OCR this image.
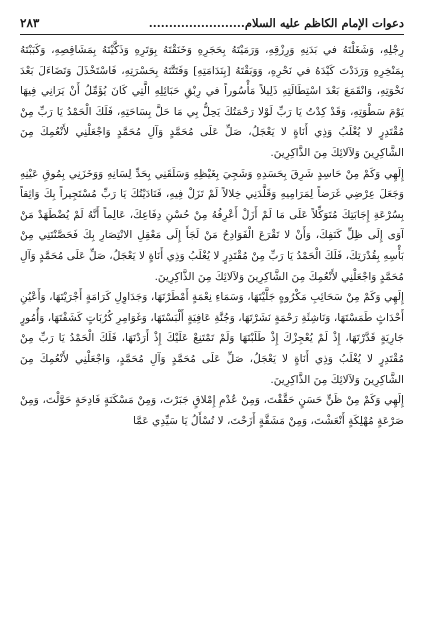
دعوات الإمام الكاظم عليه السلام........................
٢٨٣

رِجْلِهِ، وَشَغَلْتَهُ في بَدَنِهِ وَرِزْقِهِ، وَرَمَيْتَهُ بِحَجَرِهِ وَخَنَقْتَهُ بِوَتَرِهِ وَذَكَّيْتَهُ بِمَشَاقِصِهِ، وَكَبَبْتَهُ بِمَنْخِرِهِ وَرَدَدْتَ كَيْدَهُ في نَحْرِهِ، وَوَبَقْتَهُ [بِنَدَامَتِهِ] وَفَتَتَّتَهُ بِحَسْرَتِهِ، فَاسْتَخْذَلَ وَتَضَاءَلَ بَعْدَ نَخْوَتِهِ، وَانْقَمَعَ بَعْدَ اسْتِطَالَتِهِ ذَلِيلاً مَأْسُوراً في رِبْقِ حَبَائِلِهِ الَّتِي كَانَ يُؤَمِّلُ أَنْ يَرَانِي فِيهَا يَوْمَ سَطْوَتِهِ، وَقَدْ كِدْتُ يَا رَبِّ لَوْلا رَحْمَتُكَ يَحِلُّ بِي مَا حَلَّ بِسَاحَتِهِ، فَلَكَ الْحَمْدُ يَا رَبِّ مِنْ مُقْتَدِرٍ لا يُغْلَبُ وَذِي أَنَاةٍ لا يَعْجَلُ، صَلِّ عَلَى مُحَمَّدٍ وَآلِ مُحَمَّدٍ وَاجْعَلْنِي لأَنْعُمِكَ مِنَ الشَّاكِرِينَ وَلآلائِكَ مِنَ الذَّاكِرِينَ.

إِلَهِي وَكَمْ مِنْ حَاسِدٍ شَرِقَ بِحَسَدِهِ وَشَجِيَ بِغَيْظِهِ وَسَلَقَنِي بِحَدِّ لِسَانِهِ وَوَخَزَنِي بِمُوقِ عَيْنِهِ وَجَعَلَ عِرْضِي غَرَضاً لِمَرَامِيهِ وَقَلَّدَنِي خِلالاً لَمْ تَزَلْ فِيهِ، فَنَادَيْتُكَ يَا رَبِّ مُسْتَجِيراً بِكَ وَاثِقاً بِسُرْعَةِ إِجَابَتِكَ مُتَوَكِّلاً عَلَى مَا لَمْ أَزَلْ أَعْرِفُهُ مِنْ حُسْنِ دِفَاعِكَ، عَالِماً أَنَّهُ لَمْ يُضْطَهَدْ مَنْ آوَى إِلَى ظِلِّ كَنَفِكَ، وَأَنْ لا تَقْرَعَ الْفَوَادِحُ مَنْ لَجَأَ إِلَى مَعْقِلِ الانْتِصَارِ بِكَ فَحَصَّنْتَنِي مِنْ بَأْسِهِ بِقُدْرَتِكَ، فَلَكَ الْحَمْدُ يَا رَبِّ مِنْ مُقْتَدِرٍ لا يُغْلَبُ وَذِي أَنَاةٍ لا يَعْجَلُ، صَلِّ عَلَى مُحَمَّدٍ وَآلِ مُحَمَّدٍ وَاجْعَلْنِي لأَنْعُمِكَ مِنَ الشَّاكِرِينَ وَلآلائِكَ مِنَ الذَّاكِرِينَ.

إِلَهِي وَكَمْ مِنْ سَحَائِبِ مَكْرُوهٍ جَلَّيْتَهَا، وَسَمَاءِ نِعْمَةٍ أَمْطَرْتَهَا، وَجَدَاوِلِ كَرَامَةٍ أَجْرَيْتَهَا، وَأَعْيُنِ أَحْدَاثٍ طَمَسْتَهَا، وَنَاشِئَةِ رَحْمَةٍ نَشَرْتَهَا، وَجُنَّةِ عَافِيَةٍ أَلْبَسْتَهَا، وَغَوَامِرِ كُرُبَاتٍ كَشَفْتَهَا، وَأُمُورٍ جَارِيَةٍ قَدَّرْتَهَا، إِذْ لَمْ يُعْجِزْكَ إِذْ طَلَبْتَهَا وَلَمْ تَمْتَنِعْ عَلَيْكَ إِذْ أَرَدْتَهَا، فَلَكَ الْحَمْدُ يَا رَبِّ مِنْ مُقْتَدِرٍ لا يُغْلَبُ وَذِي أَنَاةٍ لا يَعْجَلُ، صَلِّ عَلَى مُحَمَّدٍ وَآلِ مُحَمَّدٍ، وَاجْعَلْنِي لأَنْعُمِكَ مِنَ الشَّاكِرِينَ وَلآلائِكَ مِنَ الذَّاكِرِينَ.

إِلَهِي وَكَمْ مِنْ ظَنٍّ حَسَنٍ حَقَّقْتَ، وَمِنْ عُدْمِ إِمْلاقٍ جَبَرْتَ، وَمِنْ مَسْكَنَةٍ فَادِحَةٍ حَوَّلْتَ، وَمِنْ صَرْعَةٍ مُهْلِكَةٍ أَنْعَشْتَ، وَمِنْ مَشَقَّةٍ أَزَحْتَ، لا تُسْأَلُ يَا سَيِّدِي عَمَّا
